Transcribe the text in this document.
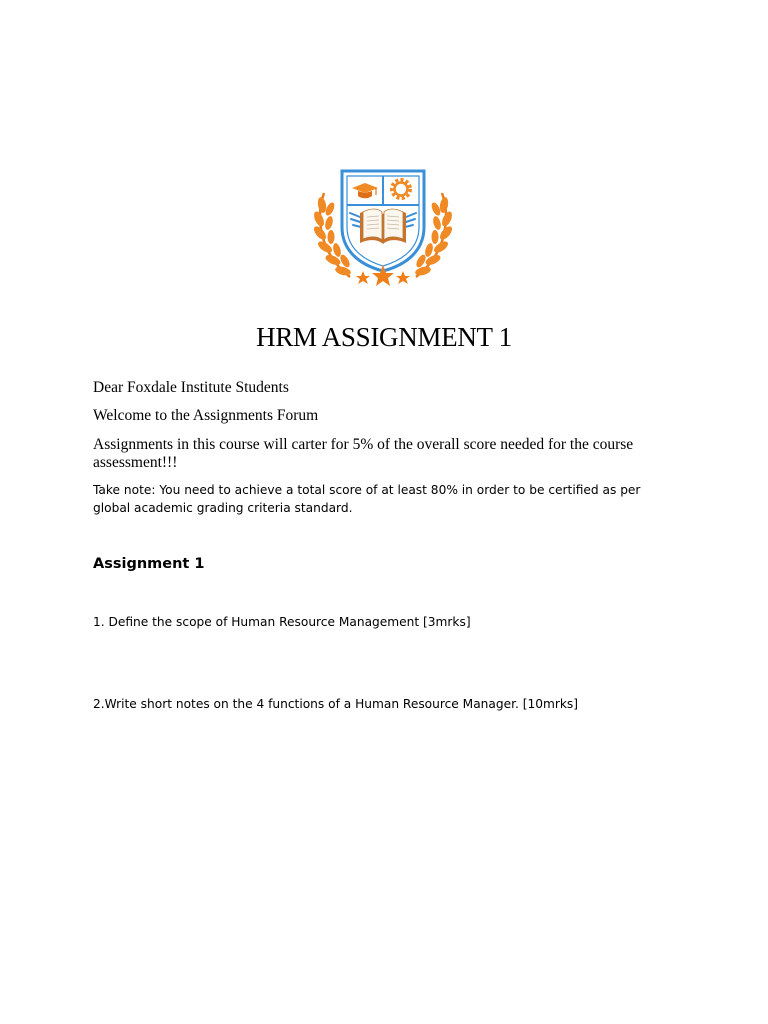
HRM ASSIGNMENT 1
Dear Foxdale Institute Students
Welcome to the Assignments Forum
Assignments in this course will carter for 5% of the overall score needed for the course assessment!!!
Take note: You need to achieve a total score of at least 80% in order to be certified as per global academic grading criteria standard.
Assignment 1
1. Define the scope of Human Resource Management [3mrks]
2.Write short notes on the 4 functions of a Human Resource Manager. [10mrks]
